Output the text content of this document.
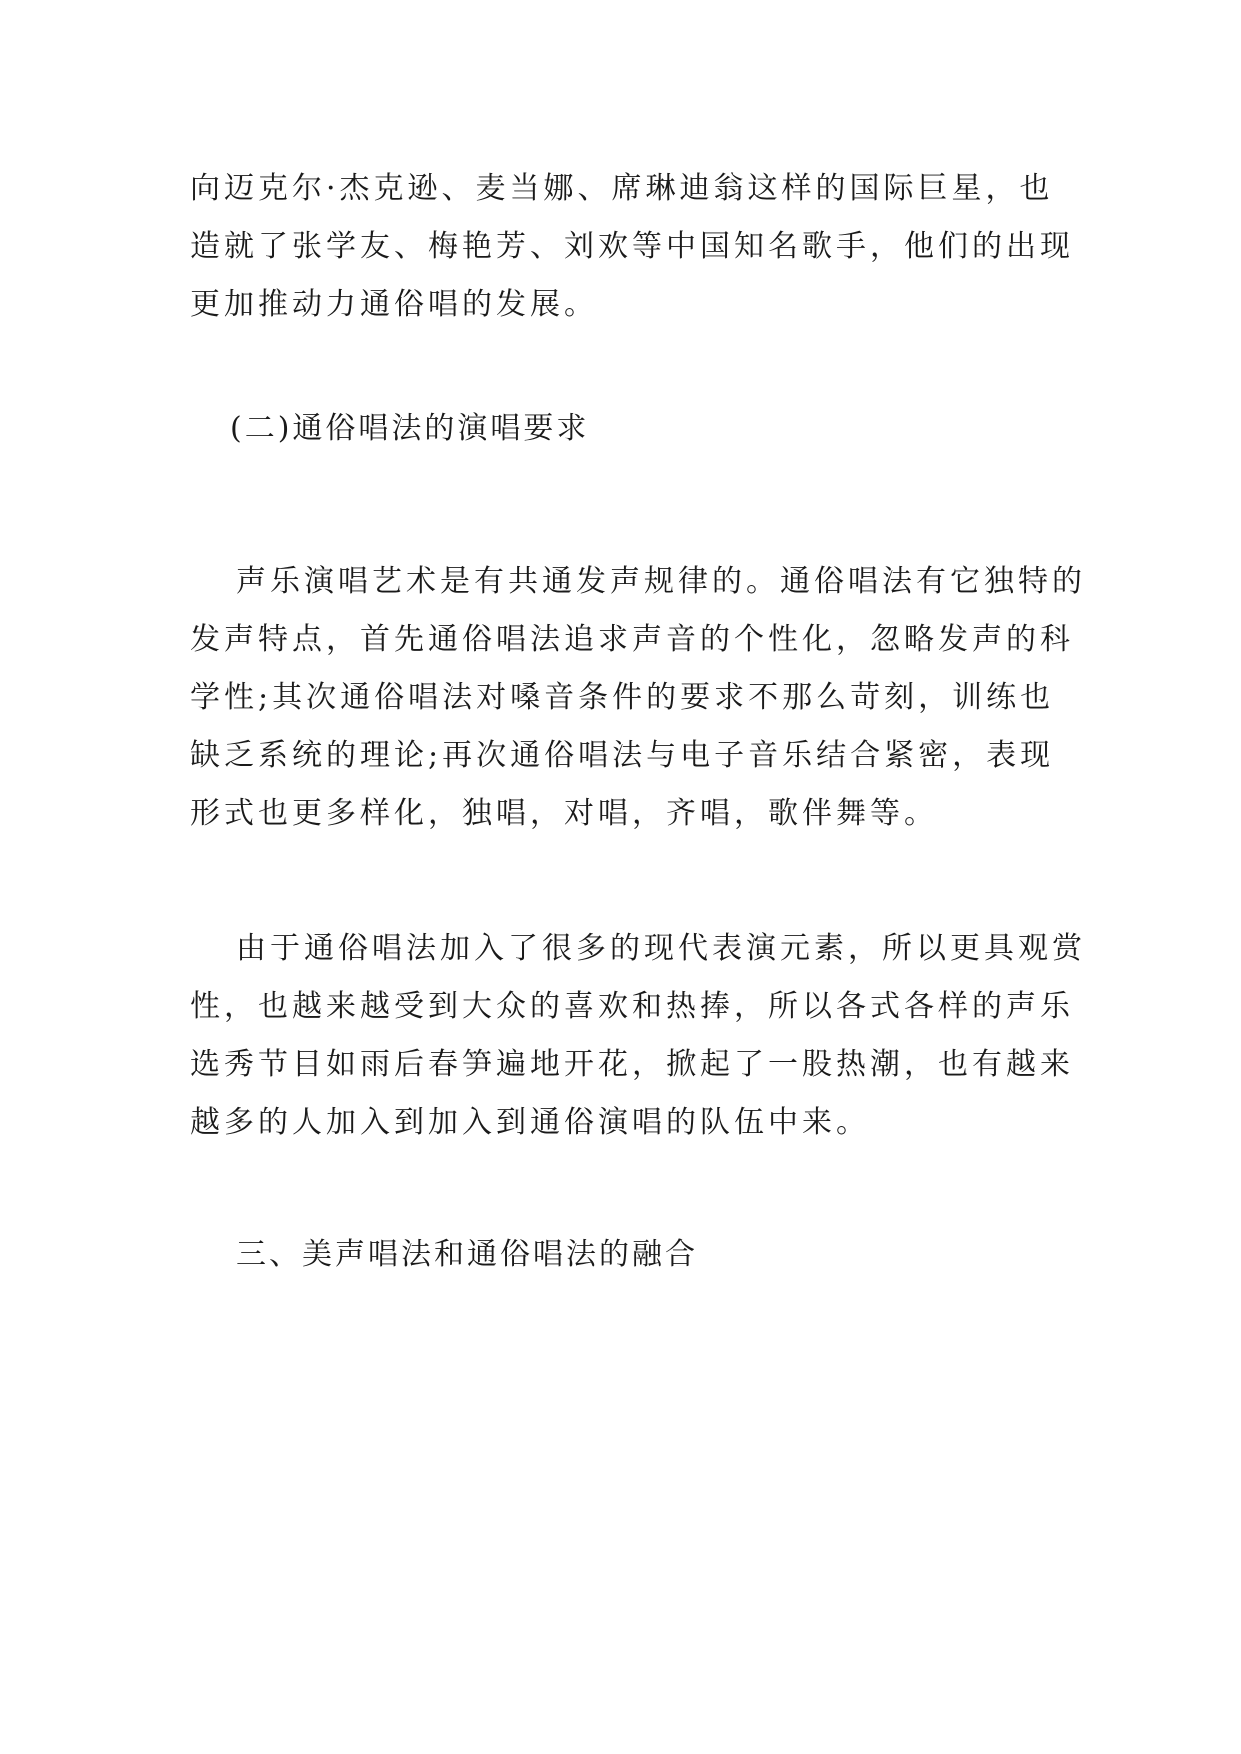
向迈克尔·杰克逊、麦当娜、席琳迪翁这样的国际巨星，也
造就了张学友、梅艳芳、刘欢等中国知名歌手，他们的出现
更加推动力通俗唱的发展。

(二)通俗唱法的演唱要求

声乐演唱艺术是有共通发声规律的。通俗唱法有它独特的
发声特点，首先通俗唱法追求声音的个性化，忽略发声的科
学性;其次通俗唱法对嗓音条件的要求不那么苛刻，训练也
缺乏系统的理论;再次通俗唱法与电子音乐结合紧密，表现
形式也更多样化，独唱，对唱，齐唱，歌伴舞等。

由于通俗唱法加入了很多的现代表演元素，所以更具观赏
性，也越来越受到大众的喜欢和热捧，所以各式各样的声乐
选秀节目如雨后春笋遍地开花，掀起了一股热潮，也有越来
越多的人加入到加入到通俗演唱的队伍中来。

三、美声唱法和通俗唱法的融合
